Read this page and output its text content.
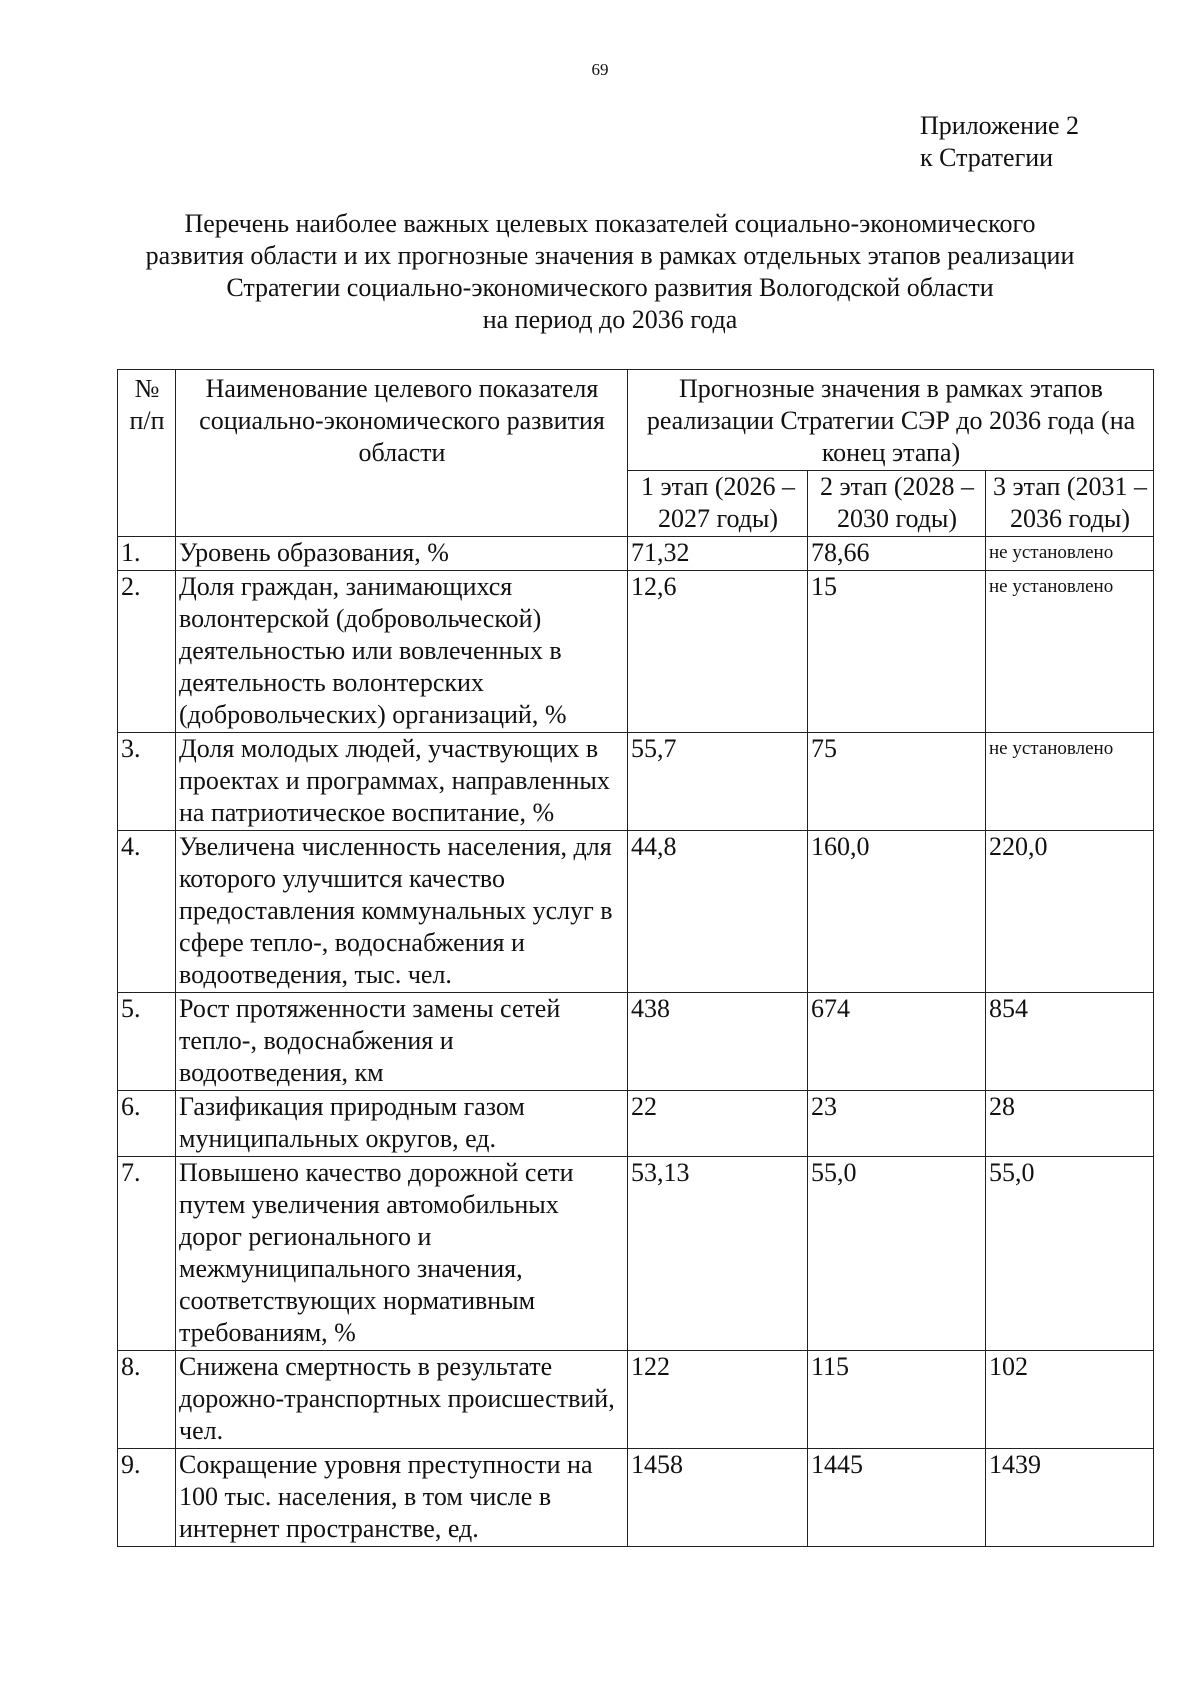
69
Приложение 2
к Стратегии
Перечень наиболее важных целевых показателей социально-экономического
развития области и их прогнозные значения в рамках отдельных этапов реализации
Стратегии социально-экономического развития Вологодской области
на период до 2036 года
№ п/п	Наименование целевого показателя социально-экономического развития области	Прогнозные значения в рамках этапов реализации Стратегии СЭР до 2036 года (на конец этапа)		
		1 этап (2026 – 2027 годы)	2 этап (2028 – 2030 годы)	3 этап (2031 – 2036 годы)
1.	Уровень образования, %	71,32	78,66	не установлено
2.	Доля граждан, занимающихся волонтерской (добровольческой) деятельностью или вовлеченных в деятельность волонтерских (добровольческих) организаций, %	12,6	15	не установлено
3.	Доля молодых людей, участвующих в проектах и программах, направленных на патриотическое воспитание, %	55,7	75	не установлено
4.	Увеличена численность населения, для которого улучшится качество предоставления коммунальных услуг в сфере тепло-, водоснабжения и водоотведения, тыс. чел.	44,8	160,0	220,0
5.	Рост протяженности замены сетей тепло-, водоснабжения и водоотведения, км	438	674	854
6.	Газификация природным газом муниципальных округов, ед.	22	23	28
7.	Повышено качество дорожной сети путем увеличения автомобильных дорог регионального и межмуниципального значения, соответствующих нормативным требованиям, %	53,13	55,0	55,0
8.	Снижена смертность в результате дорожно-транспортных происшествий, чел.	122	115	102
9.	Сокращение уровня преступности на 100 тыс. населения, в том числе в интернет пространстве, ед.	1458	1445	1439
